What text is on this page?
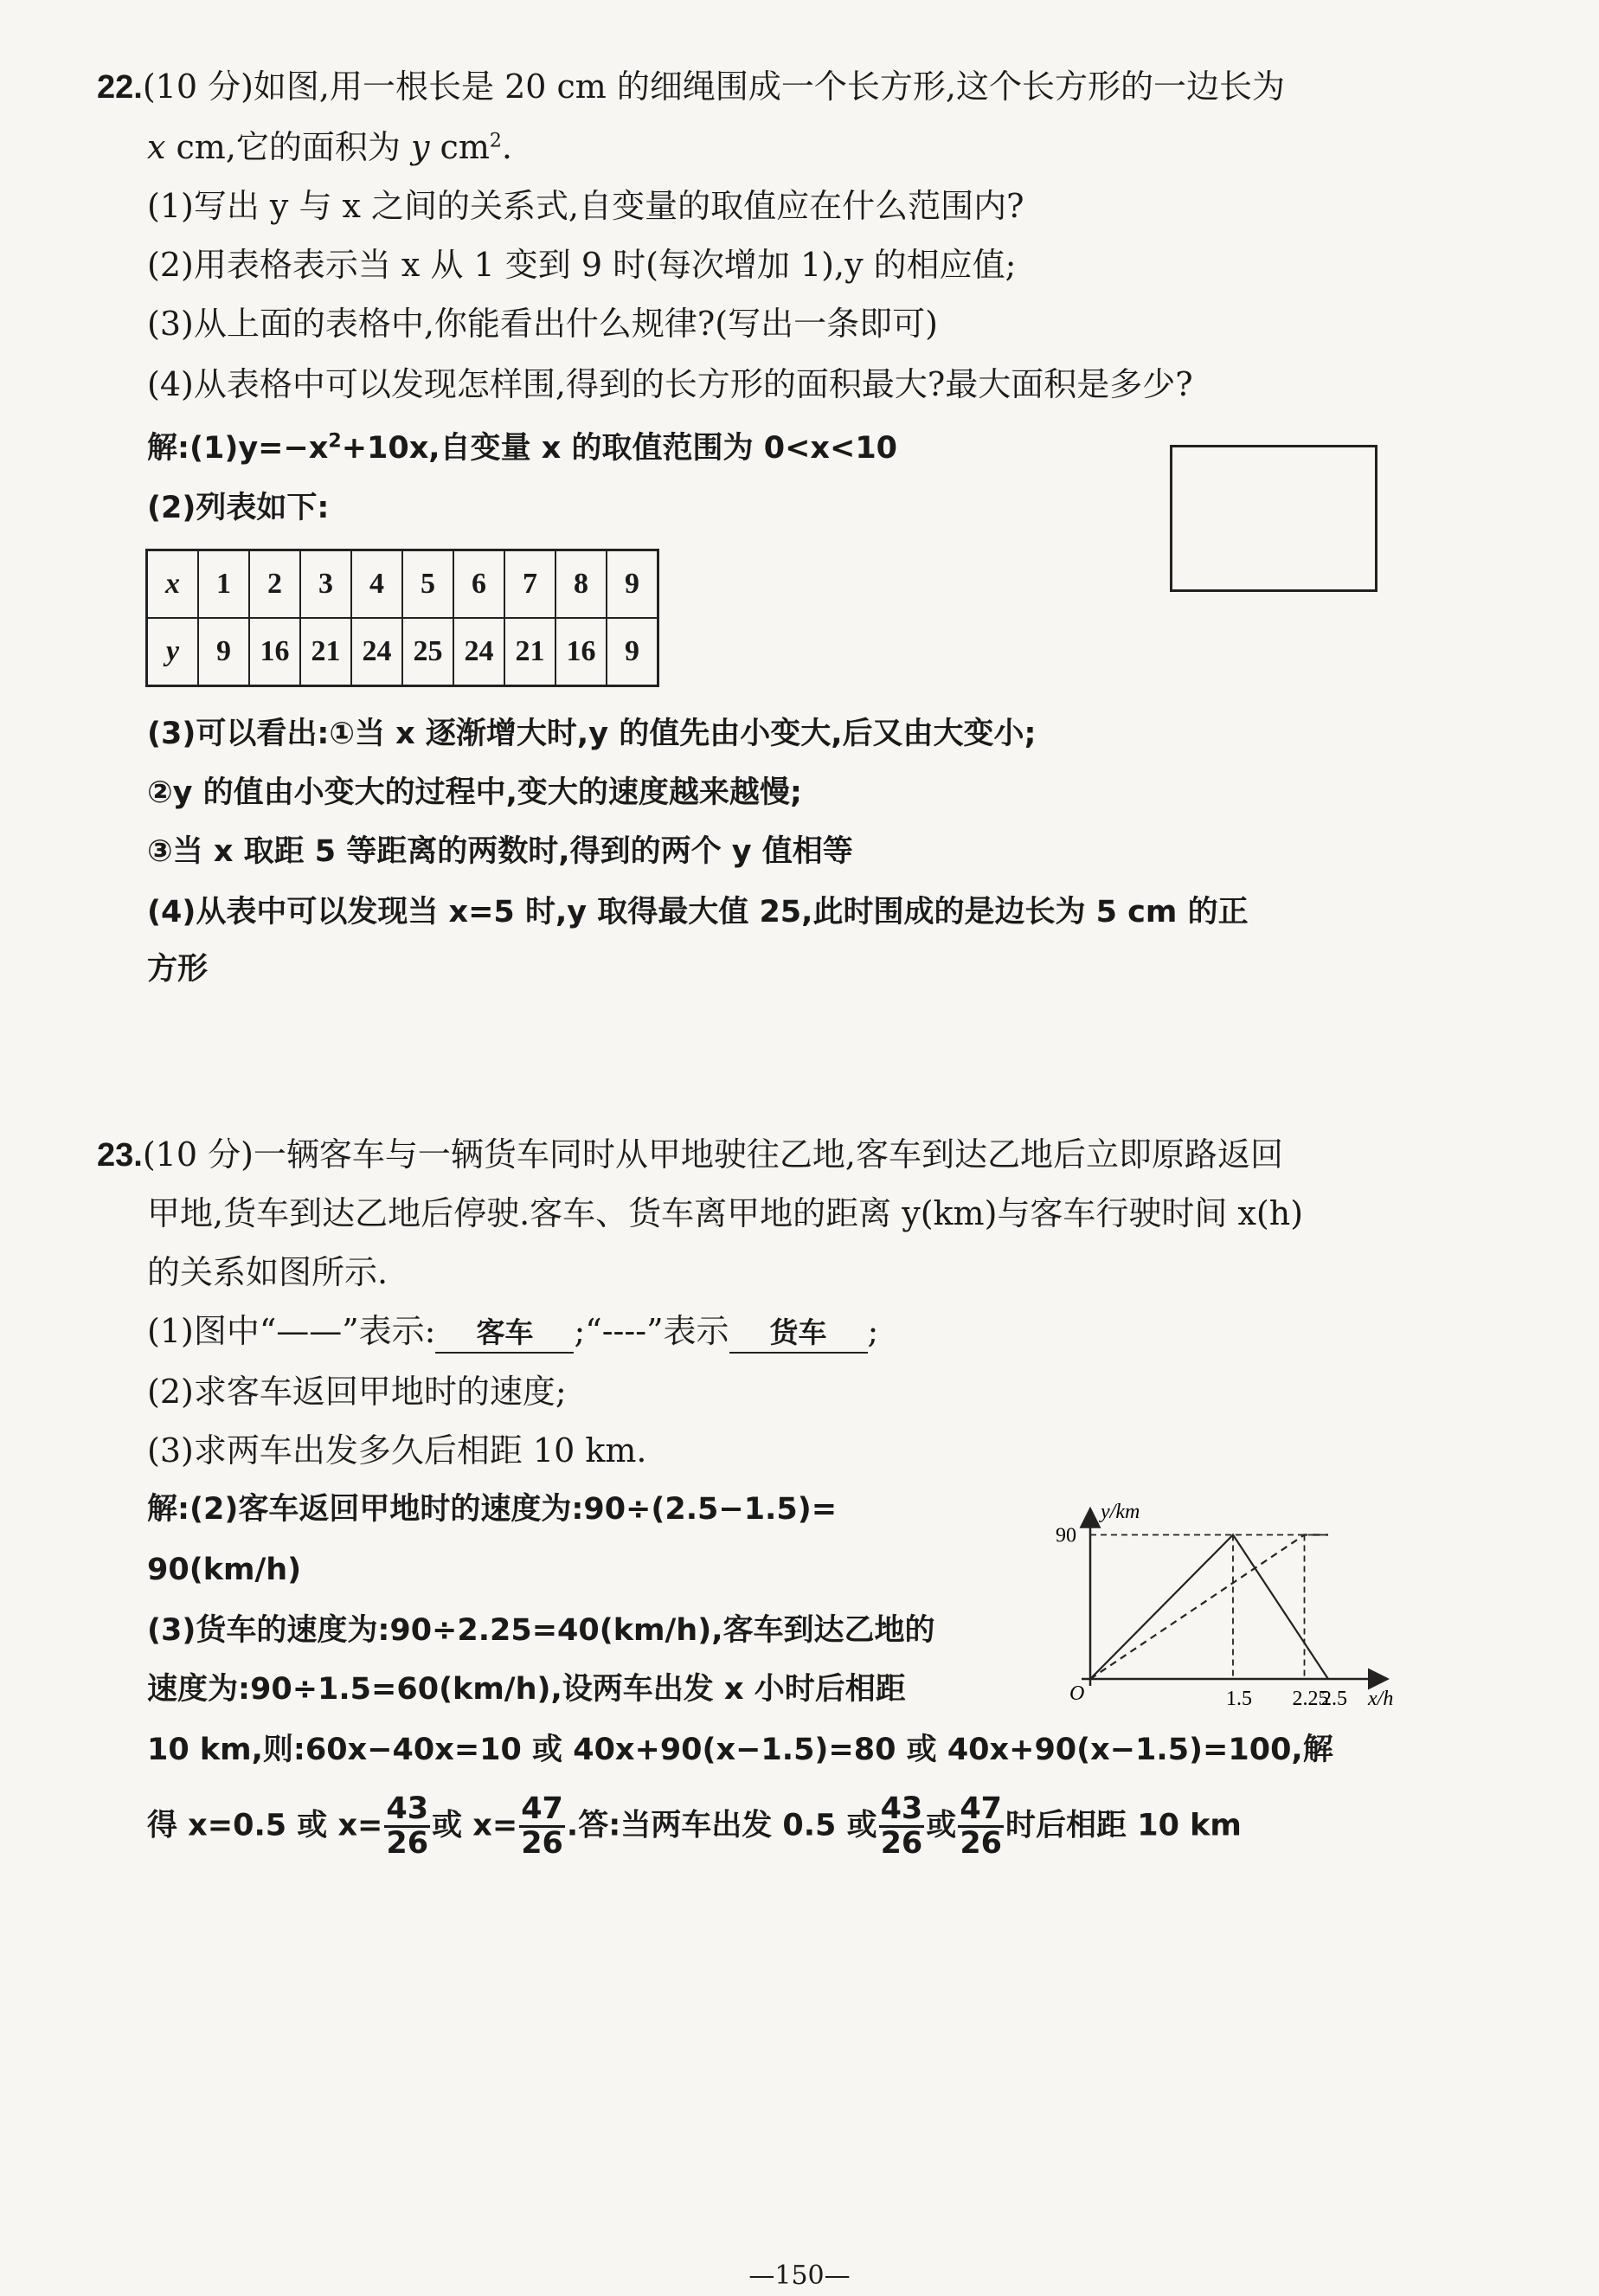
22.(10 分)如图,用一根长是 20 cm 的细绳围成一个长方形,这个长方形的一边长为
x cm,它的面积为 y $cm^2$.
(1)写出 y 与 x 之间的关系式,自变量的取值应在什么范围内?
(2)用表格表示当 x 从 1 变到 9 时(每次增加 1),y 的相应值;
(3)从上面的表格中,你能看出什么规律?(写出一条即可)
(4)从表格中可以发现怎样围,得到的长方形的面积最大?最大面积是多少?
解$:(1)y=-x^2+10x$,自变量 x 的取值范围为 0<x<10
(2)列表如下:
x	1	2	3	4	5	6	7	8	9
y	9	16	21	24	25	24	21	16	9
(3)可以看出:①当 x 逐渐增大时,y 的值先由小变大,后又由大变小;
②y 的值由小变大的过程中,变大的速度越来越慢;
③当 x 取距 5 等距离的两数时,得到的两个 y 值相等
(4)从表中可以发现当 x=5 时,y 取得最大值 25,此时围成的是边长为 5 cm 的正
方形
23.(10 分)一辆客车与一辆货车同时从甲地驶往乙地,客车到达乙地后立即原路返回
甲地,货车到达乙地后停驶.客车、货车离甲地的距离 y(km)与客车行驶时间 x(h)
的关系如图所示.
(1)图中“——”表示: 客车 ;“----”表示 货车 ;
(2)求客车返回甲地时的速度;
(3)求两车出发多久后相距 10 km.
解:(2)客车返回甲地时的速度为:90÷(2.5−1.5)=
90(km/h)
(3)货车的速度为:90÷2.25=40(km/h),客车到达乙地的
速度为:90÷1.5=60(km/h),设两车出发 x 小时后相距
10 km,则:60x−40x=10 或 40x+90(x−1.5)=80 或 40x+90(x−1.5)=100,解
得 x=0.5 或 $x= \frac{43}{26}$ 或 $x= \frac{47}{26}$ .答:当两车出发 0.5 或 $\frac{43}{26}$ 或 $\frac{47}{26}$ 时后相距 10 km
y/km
x/h
O
90
1.5 2.25
2.5
—150—
